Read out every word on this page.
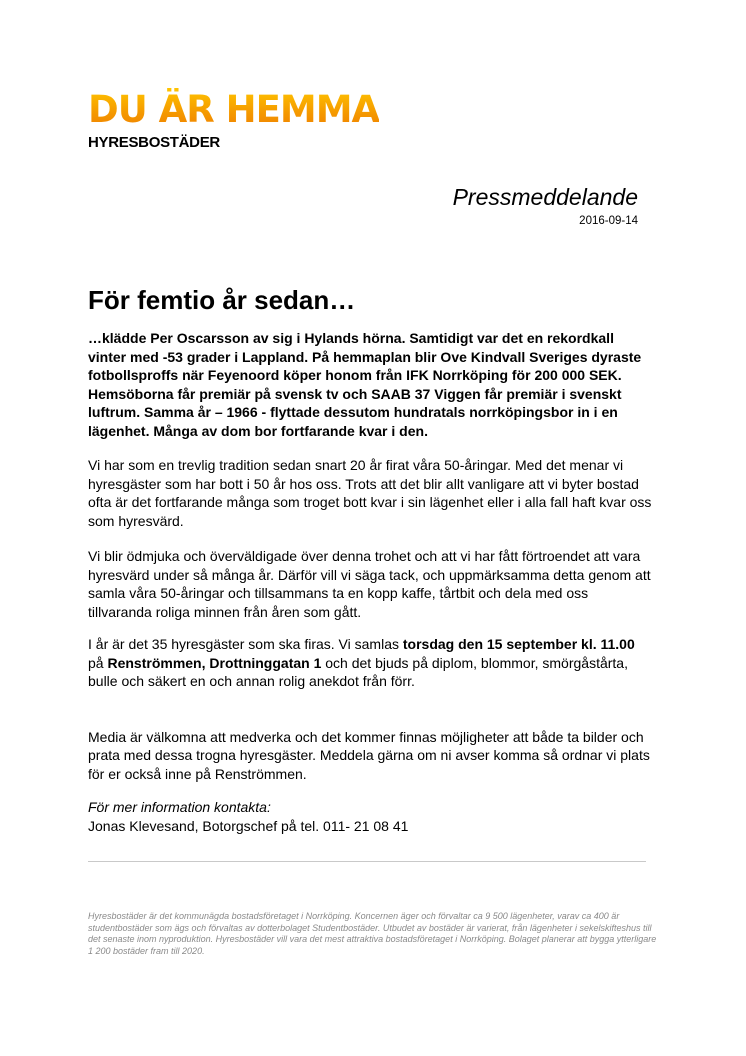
DU ÄR HEMMA
HYRESBOSTÄDER
Pressmeddelande
2016-09-14
För femtio år sedan…

…klädde Per Oscarsson av sig i Hylands hörna. Samtidigt var det en rekordkall vinter med -53 grader i Lappland. På hemmaplan blir Ove Kindvall Sveriges dyraste fotbollsproffs när Feyenoord köper honom från IFK Norrköping för 200 000 SEK. Hemsöborna får premiär på svensk tv och SAAB 37 Viggen får premiär i svenskt luftrum. Samma år – 1966 - flyttade dessutom hundratals norrköpingsbor in i en lägenhet. Många av dom bor fortfarande kvar i den.

Vi har som en trevlig tradition sedan snart 20 år firat våra 50-åringar. Med det menar vi hyresgäster som har bott i 50 år hos oss. Trots att det blir allt vanligare att vi byter bostad ofta är det fortfarande många som troget bott kvar i sin lägenhet eller i alla fall haft kvar oss som hyresvärd.

Vi blir ödmjuka och överväldigade över denna trohet och att vi har fått förtroendet att vara hyresvärd under så många år. Därför vill vi säga tack, och uppmärksamma detta genom att samla våra 50-åringar och tillsammans ta en kopp kaffe, tårtbit och dela med oss tillvaranda roliga minnen från åren som gått.

I år är det 35 hyresgäster som ska firas. Vi samlas torsdag den 15 september kl. 11.00 på Renströmmen, Drottninggatan 1 och det bjuds på diplom, blommor, smörgåstårta, bulle och säkert en och annan rolig anekdot från förr.

Media är välkomna att medverka och det kommer finnas möjligheter att både ta bilder och prata med dessa trogna hyresgäster. Meddela gärna om ni avser komma så ordnar vi plats för er också inne på Renströmmen.

För mer information kontakta:
Jonas Klevesand, Botorgschef på tel. 011- 21 08 41

Hyresbostäder är det kommunägda bostadsföretaget i Norrköping. Koncernen äger och förvaltar ca 9 500 lägenheter, varav ca 400 är studentbostäder som ägs och förvaltas av dotterbolaget Studentbostäder. Utbudet av bostäder är varierat, från lägenheter i sekelskifteshus till det senaste inom nyproduktion. Hyresbostäder vill vara det mest attraktiva bostadsföretaget i Norrköping. Bolaget planerar att bygga ytterligare 1 200 bostäder fram till 2020.
